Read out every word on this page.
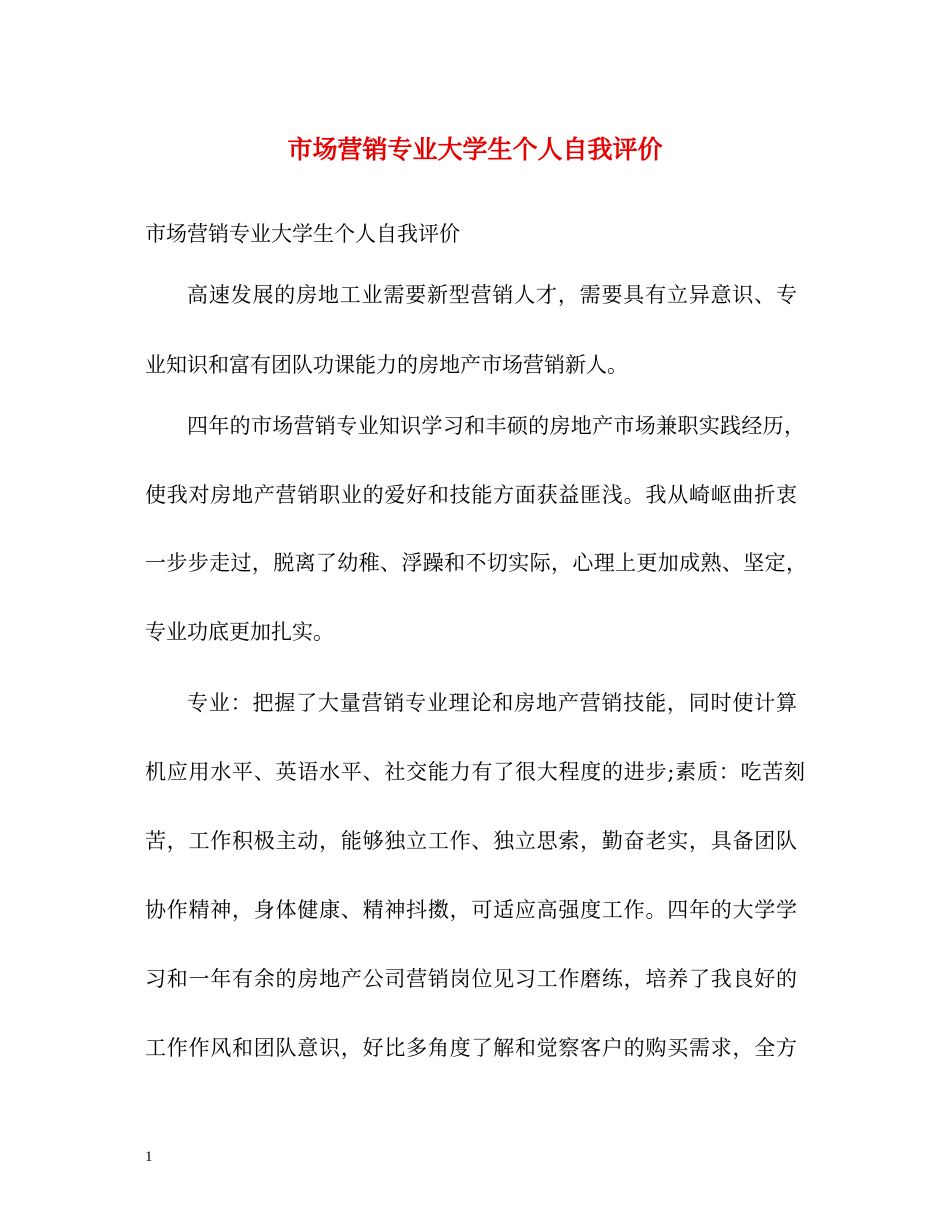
市场营销专业大学生个人自我评价
市场营销专业大学生个人自我评价
高速发展的房地工业需要新型营销人才，需要具有立异意识、专
业知识和富有团队功课能力的房地产市场营销新人。
四年的市场营销专业知识学习和丰硕的房地产市场兼职实践经历，
使我对房地产营销职业的爱好和技能方面获益匪浅。我从崎岖曲折衷
一步步走过，脱离了幼稚、浮躁和不切实际，心理上更加成熟、坚定，
专业功底更加扎实。
专业：把握了大量营销专业理论和房地产营销技能，同时使计算
机应用水平、英语水平、社交能力有了很大程度的进步;素质：吃苦刻
苦，工作积极主动，能够独立工作、独立思索，勤奋老实，具备团队
协作精神，身体健康、精神抖擞，可适应高强度工作。四年的大学学
习和一年有余的房地产公司营销岗位见习工作磨练，培养了我良好的
工作作风和团队意识，好比多角度了解和觉察客户的购买需求，全方
1
